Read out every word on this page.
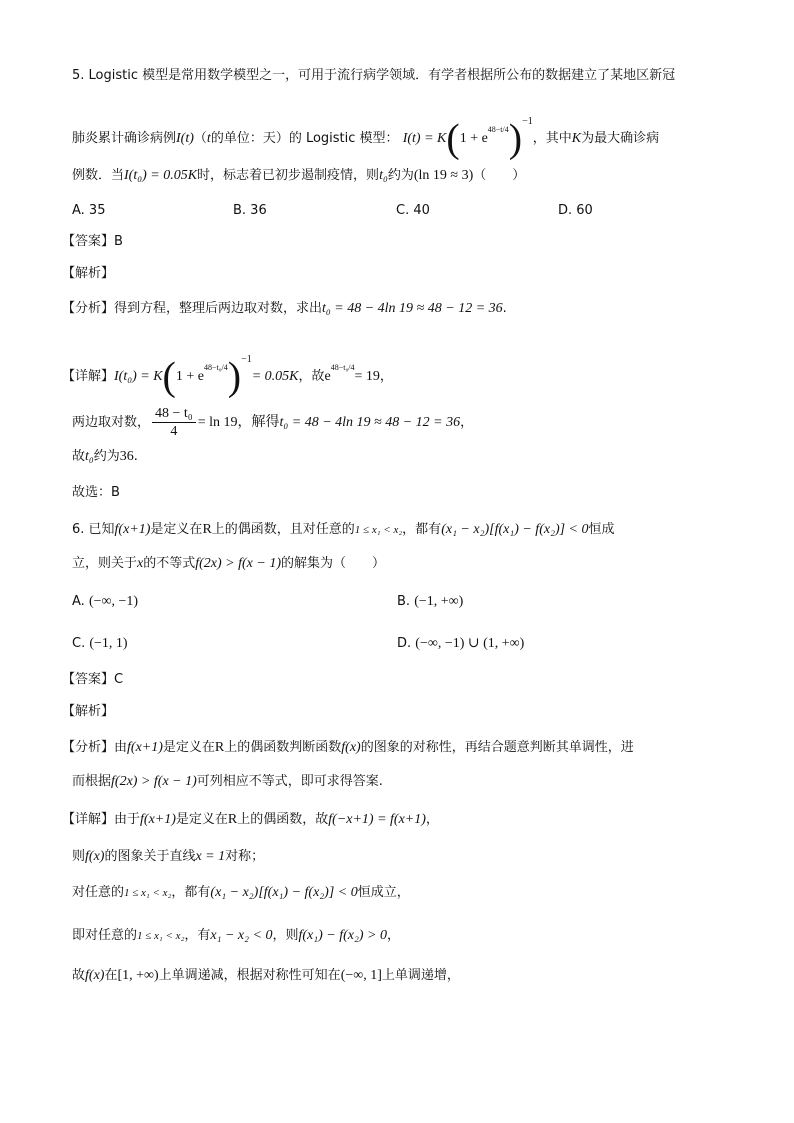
5. Logistic 模型是常用数学模型之一，可用于流行病学领域．有学者根据所公布的数据建立了某地区新冠
肺炎累计确诊病例I(t)（t的单位：天）的 Logistic 模型： $I(t) = K(1 + e^{48-t/4})^{-1}$，其中K为最大确诊病
例数．当I(t₀) = 0.05K时，标志着已初步遏制疫情，则t₀约为(ln 19 ≈ 3)（　　）
A. 35	B. 36	C. 40	D. 60
【答案】B
【解析】
【分析】得到方程，整理后两边取对数，求出t₀ = 48 − 4ln 19 ≈ 48 − 12 = 36.
【详解】$I(t_0) = K(1 + e^{48-t_0/4})^{-1}= 0.05K$，故$e^{48-t_0/4}= 19$，
两边取对数， $\frac{\text{48 − t₀}}{4} = \ln 19$，解得t₀ = 48 − 4ln 19 ≈ 48 − 12 = 36，
故t₀约为36.
故选：B
6. 已知f(x+1)是定义在R上的偶函数，且对任意的1 ≤ x₁ < x₂，都有(x₁ − x₂)[f(x₁) − f(x₂)] < 0恒成
立，则关于x的不等式f(2x) > f(x − 1)的解集为（　　）
A. (−∞, −1)	B. (−1, +∞)
C. (−1, 1)	D. (−∞, −1) ∪ (1, +∞)
【答案】C
【解析】
【分析】由f(x+1)是定义在R上的偶函数判断函数f(x)的图象的对称性，再结合题意判断其单调性，进
而根据f(2x) > f(x − 1)可列相应不等式，即可求得答案.
【详解】由于f(x+1)是定义在R上的偶函数，故f(−x+1) = f(x+1)，
则f(x)的图象关于直线x = 1对称；
对任意的1 ≤ x₁ < x₂，都有(x₁ − x₂)[f(x₁) − f(x₂)] < 0恒成立，
即对任意的1 ≤ x₁ < x₂，有x₁ − x₂ < 0，则f(x₁) − f(x₂) > 0，
故f(x)在[1, +∞)上单调递减，根据对称性可知在(−∞, 1]上单调递增，
